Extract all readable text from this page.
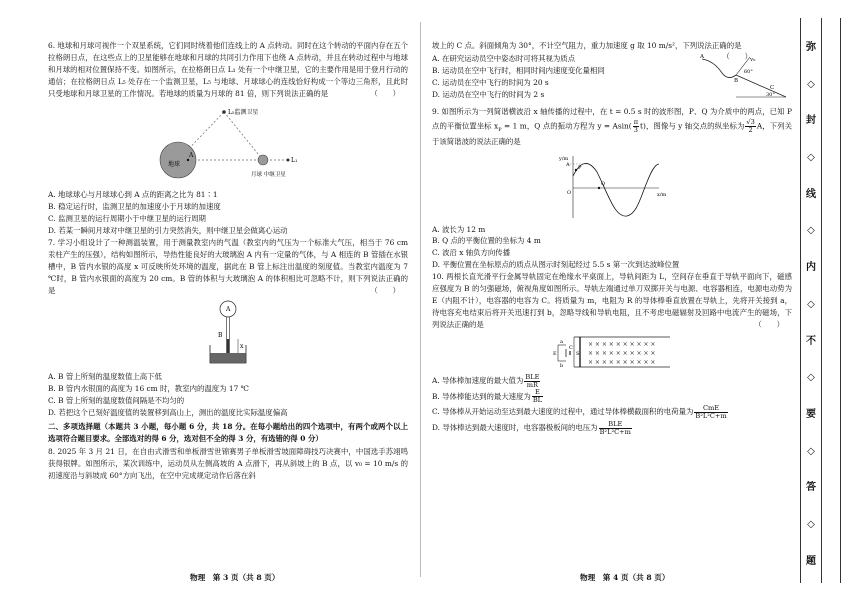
6. 地球和月球可视作一个双星系统，它们同时绕着他们连线上的 A 点转动。同时在这个转动的平面内存在五个拉格朗日点，在这些点上的卫星能够在地球和月球的共同引力作用下也绕 A 点转动，并且在转动过程中与地球和月球的相对位置保持不变。如图所示，在拉格朗日点 L₁ 处有一个中继卫星，它的主要作用是用于登月行动的通信；在拉格朗日点 L₅ 处存在一个监测卫星，L₅ 与地球、月球球心的连线恰好构成一个等边三角形，且此时只受地球和月球卫星的工作情况。若地球的质量为月球的 81 倍，则下列说法正确的是	（　　）

L₅监测卫星
地球
A
L₁
月球 中继卫星

A. 地球球心与月球球心到 A 点的距离之比为 81∶1

B. 稳定运行时，监测卫星的加速度小于月球的加速度

C. 监测卫星的运行周期小于中继卫星的运行周期

D. 若某一瞬间月球对中继卫星的引力突然消失，则中继卫星会做离心运动

7. 学习小组设计了一种测温装置，用于测量教室内的气温（教室内的气压为一个标准大气压，相当于 76 cm 汞柱产生的压强），结构如图所示，导热性能良好的大玻璃泡 A 内有一定量的气体，与 A 相连的 B 管插在水银槽中，B 管内水银的高度 x 可反映所处环境的温度，据此在 B 管上标注出温度的刻度值。当教室内温度为 7 ℃时，B 管内水银面的高度为 20 cm。B 管的体积与大玻璃泡 A 的体积相比可忽略不计，则下列说法正确的是	（　　）

A
B
x

A. B 管上所刻的温度数值上高下低

B. B 管内水银面的高度为 16 cm 时，教室内的温度为 17 ℃

C. B 管上所刻的温度数值间隔是不均匀的

D. 若把这个已刻好温度值的装置移到高山上，测出的温度比实际温度偏高

二、多项选择题（本题共 3 小题，每小题 6 分，共 18 分。在每小题给出的四个选项中，有两个或两个以上选项符合题目要求。全部选对的得 6 分，选对但不全的得 3 分，有选错的得 0 分）

8. 2025 年 3 月 21 日，在自由式滑雪和单板滑雪世锦赛男子单板滑雪坡面障碍技巧决赛中，中国选手苏翊鸣获得银牌。如图所示，某次训练中，运动员从左侧高坡的 A 点滑下，再从斜坡上的 B 点，以 v₀ = 10 m/s 的初速度沿与斜坡成 60°方向飞出，在空中完成规定动作后落在斜

物理　第 3 页（共 8 页）

坡上的 C 点。斜面倾角为 30°，不计空气阻力，重力加速度 g 取 10 m/s²，下列说法正确的是

（　　）

A. 在研究运动员空中姿态时可将其视为质点

B. 运动员在空中飞行时，相同时间内速度变化量相同

C. 运动员在空中飞行的时间为 20 s

D. 运动员在空中飞行的时间为 2 s

A
B
C
v₀
60°
30°

9. 如图所示为一列简谐横波沿 x 轴传播的过程中，在 t = 0.5 s 时的波形图，P、Q 为介质中的两点，已知 P 点的平衡位置坐标 $x_P = 1$ m，Q 点的振动方程为 $y = Asin( \frac{\pi}{3} t)$，图像与 y 轴交点的纵坐标为 $\frac{√3}{2}$ A，下列关于该简谐波的说法正确的是

y/m
x/m
O
P
Q
A

A. 波长为 12 m

B. Q 点的平衡位置的坐标为 4 m

C. 波沿 x 轴负方向传播

D. 平衡位置在坐标原点的质点从图示时刻起经过 5.5 s 第一次到达波峰位置

10. 两根长直光滑平行金属导轨固定在绝缘水平桌面上，导轨间距为 L，空间存在垂直于导轨平面向下，磁感应强度为 B 的匀强磁场，俯视角度如图所示。导轨左端通过单刀双掷开关与电源、电容器相连，电源电动势为 E（内阻不计），电容器的电容为 C。将质量为 m，电阻为 R 的导体棒垂直放置在导轨上，先将开关接到 a，待电容充电结束后将开关迅速打到 b，忽略导线和导轨电阻，且不考虑电磁辐射及回路中电流产生的磁场，下列说法正确的是	（　　）

× × × × × × × × × ×
× × × × × × × × × ×
× × × × × × × × × ×
a
b
E
C
S

A. 导体棒加速度的最大值为 $\frac{\text{BLE}}{mR}$

B. 导体棒能达到的最大速度为 $\frac{E}{BL}$

C. 导体棒从开始运动至达到最大速度的过程中，通过导体棒横截面积的电荷量为 $\frac{\text{CmE}}{\text{B²L²C+m}}$

D. 导体棒达到最大速度时，电容器极板间的电压为 $\frac{\text{BLE}}{\text{B²L²C+m}}$

物理　第 4 页（共 8 页）
弥
◇
封
◇
线
◇
内
◇
不
◇
要
◇
答
◇
题
